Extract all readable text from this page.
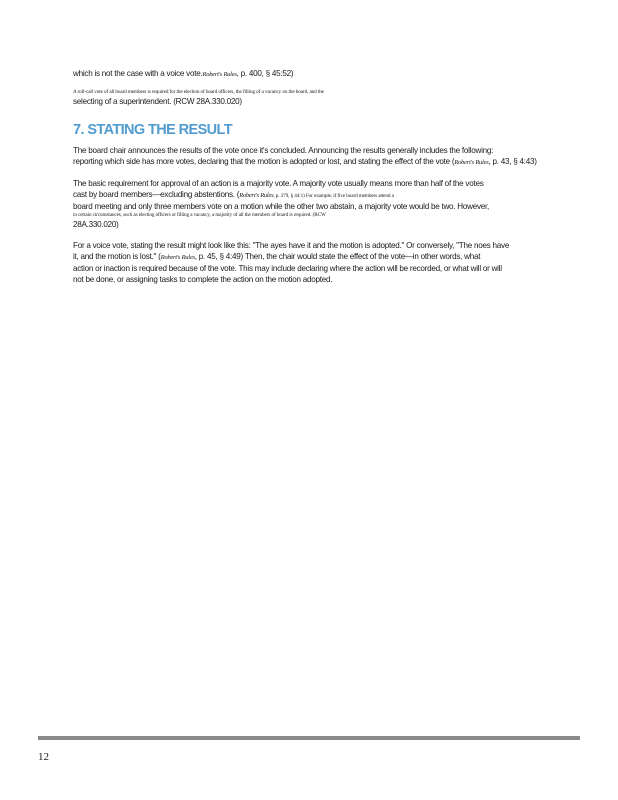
which is not the case with a voice vote.Robert's Rules, p. 400, § 45:52)

A roll-call vote of all board members is required for the election of board officers, the filling of a vacancy on the board, and the

selecting of a superintendent. (RCW 28A.330.020)

7. STATING THE RESULT

The board chair announces the results of the vote once it's concluded. Announcing the results generally includes the following:

reporting which side has more votes, declaring that the motion is adopted or lost, and stating the effect of the vote (Robert's Rules, p. 43, § 4:43)

The basic requirement for approval of an action is a majority vote. A majority vote usually means more than half of the votes

cast by board members—excluding abstentions. (Robert's Rules, p. 379, § 44:1) For example, if five board members attend a

board meeting and only three members vote on a motion while the other two abstain, a majority vote would be two. However,

in certain circumstances, such as electing officers or filling a vacancy, a majority of all the members of board is required. (RCW

28A.330.020)

For a voice vote, stating the result might look like this: "The ayes have it and the motion is adopted." Or conversely, "The noes have

it, and the motion is lost." (Robert's Rules, p. 45, § 4:49) Then, the chair would state the effect of the vote—in other words, what

action or inaction is required because of the vote. This may include declaring where the action will be recorded, or what will or will

not be done, or assigning tasks to complete the action on the motion adopted.

12
